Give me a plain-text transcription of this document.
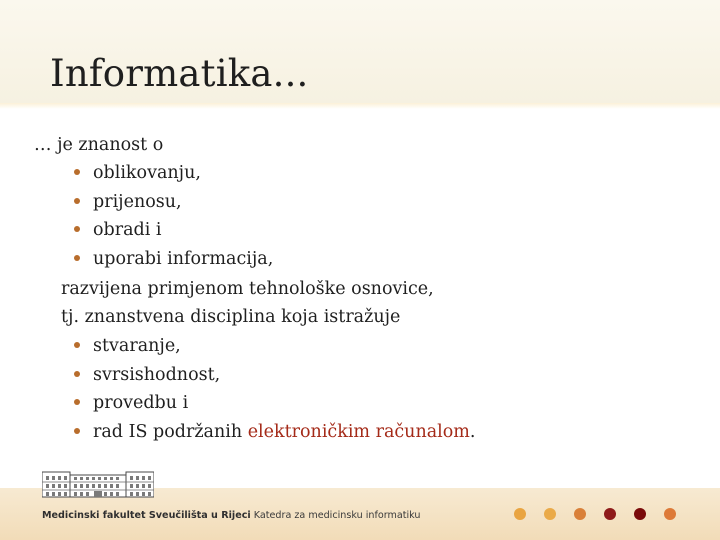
Informatika...
… je znanost o
oblikovanju,
prijenosu,
obradi i
uporabi informacija,
razvijena primjenom tehnološke osnovice,
tj. znanstvena disciplina koja istražuje
stvaranje,
svrsishodnost,
provedbu i
rad IS podržanih elektroničkim računalom.
Medicinski fakultet Sveučilišta u Rijeci Katedra za medicinsku informatiku
